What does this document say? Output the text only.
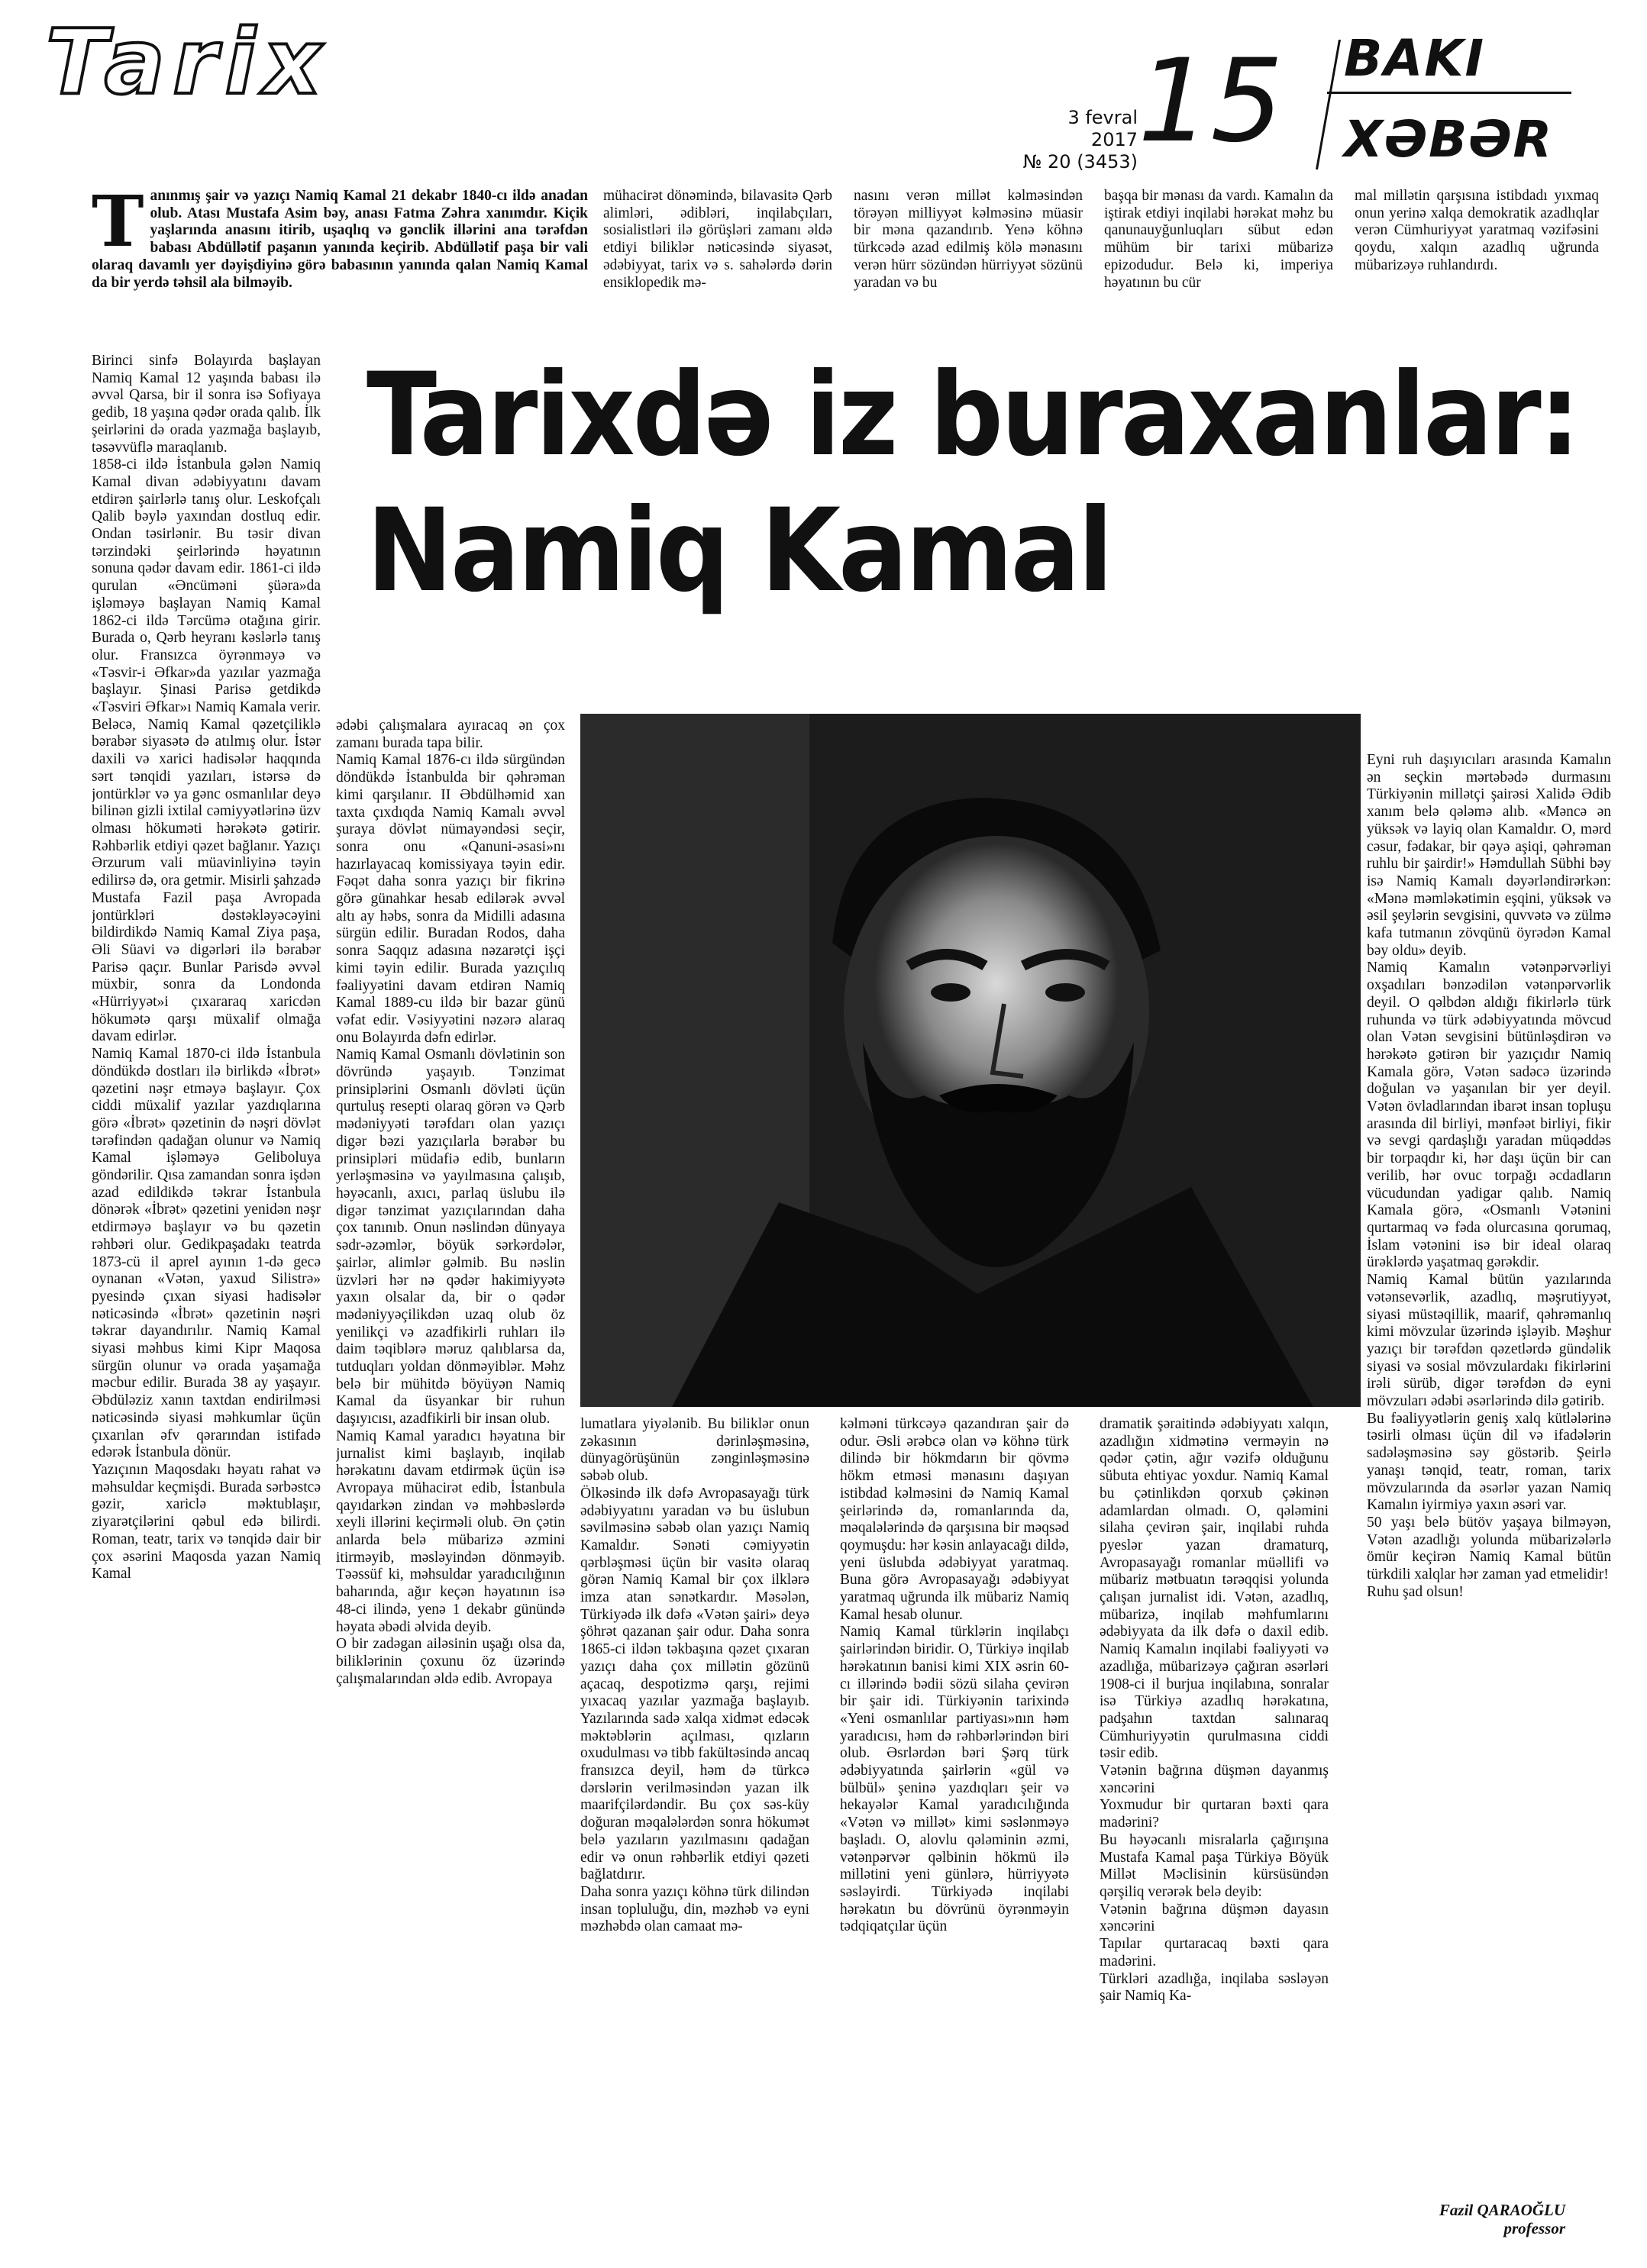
Tarix
3 fevral 2017
№ 20 (3453) 15 BAKI
XƏBƏR
Tanınmış şair və yazıçı Namiq Kamal 21 dekabr 1840-cı ildə anadan olub. Atası Mustafa Asim bəy, anası Fatma Zəhra xanımdır. Kiçik yaşlarında anasını itirib, uşaqlıq və gənclik illərini ana tərəfdən babası Abdüllətif paşanın yanında keçirib. Abdüllətif paşa bir vali olaraq davamlı yer dəyişdiyinə görə babasının yanında qalan Namiq Kamal da bir yerdə təhsil ala bilməyib.
mühacirət dönəmində, bilavasitə Qərb alimləri, ədibləri, inqilabçıları, sosialistləri ilə görüşləri zamanı əldə etdiyi biliklər nəticəsində siyasət, ədəbiyyat, tarix və s. sahələrdə dərin ensiklopedik mə-
nasını verən millət kəlməsindən törəyən milliyyət kəlməsinə müasir bir məna qazandırıb. Yenə köhnə türkcədə azad edilmiş kölə mənasını verən hürr sözündən hürriyyət sözünü yaradan və bu
başqa bir mənası da vardı. Kamalın da iştirak etdiyi inqilabi hərəkat məhz bu qanunauyğunluqları sübut edən mühüm bir tarixi mübarizə epizodudur. Belə ki, imperiya həyatının bu cür
mal millətin qarşısına istibdadı yıxmaq onun yerinə xalqa demokratik azadlıqlar verən Cümhuriyyət yaratmaq vəzifəsini qoydu, xalqın azadlıq uğrunda mübarizəyə ruhlandırdı.
Tarixdə iz buraxanlar:
Namiq Kamal
Birinci sinfə Bolayırda başlayan Namiq Kamal 12 yaşında babası ilə əvvəl Qarsa, bir il sonra isə Sofiyaya gedib, 18 yaşına qədər orada qalıb. İlk şeirlərini də orada yazmağa başlayıb, təsəvvüflə maraqlanıb.
1858-ci ildə İstanbula gələn Namiq Kamal divan ədəbiyyatını davam etdirən şairlərlə tanış olur. Leskofçalı Qalib bəylə yaxından dostluq edir. Ondan təsirlənir. Bu təsir divan tərzindəki şeirlərində həyatının sonuna qədər davam edir. 1861-ci ildə qurulan «Əncüməni şüəra»da işləməyə başlayan Namiq Kamal 1862-ci ildə Tərcümə otağına girir. Burada o, Qərb heyranı kəslərlə tanış olur. Fransızca öyrənməyə və «Təsvir-i Əfkar»da yazılar yazmağa başlayır. Şinasi Parisə getdikdə «Təsviri Əfkar»ı Namiq Kamala verir. Beləcə, Namiq Kamal qəzetçiliklə bərabər siyasətə də atılmış olur. İstər daxili və xarici hadisələr haqqında sərt tənqidi yazıları, istərsə də jontürklər və ya gənc osmanlılar deyə bilinən gizli ixtilal cəmiyyətlərinə üzv olması hökuməti hərəkətə gətirir. Rəhbərlik etdiyi qəzet bağlanır. Yazıçı Ərzurum vali müavinliyinə təyin edilirsə də, ora getmir. Misirli şahzadə Mustafa Fazil paşa Avropada jontürkləri dəstəkləyəcəyini bildirdikdə Namiq Kamal Ziya paşa, Əli Süavi və digərləri ilə bərabər Parisə qaçır. Bunlar Parisdə əvvəl müxbir, sonra da Londonda «Hürriyyət»i çıxararaq xaricdən hökumətə qarşı müxalif olmağa davam edirlər.
Namiq Kamal 1870-ci ildə İstanbula döndükdə dostları ilə birlikdə «İbrət» qəzetini nəşr etməyə başlayır. Çox ciddi müxalif yazılar yazdıqlarına görə «İbrət» qəzetinin də nəşri dövlət tərəfindən qadağan olunur və Namiq Kamal işləməyə Geliboluya göndərilir. Qısa zamandan sonra işdən azad edildikdə təkrar İstanbula dönərək «İbrət» qəzetini yenidən nəşr etdirməyə başlayır və bu qəzetin rəhbəri olur. Gedikpaşadakı teatrda 1873-cü il aprel ayının 1-də gecə oynanan «Vətən, yaxud Silistrə» pyesində çıxan siyasi hadisələr nəticəsində «İbrət» qəzetinin nəşri təkrar dayandırılır. Namiq Kamal siyasi məhbus kimi Kipr Maqosa sürgün olunur və orada yaşamağa məcbur edilir. Burada 38 ay yaşayır. Əbdüləziz xanın taxtdan endirilməsi nəticəsində siyasi məhkumlar üçün çıxarılan əfv qərarından istifadə edərək İstanbula dönür.
Yazıçının Maqosdakı həyatı rahat və məhsuldar keçmişdi. Burada sərbəstcə gəzir, xariclə məktublaşır, ziyarətçilərini qəbul edə bilirdi. Roman, teatr, tarix və tənqidə dair bir çox əsərini Maqosda yazan Namiq Kamal
ədəbi çalışmalara ayıracaq ən çox zamanı burada tapa bilir.
Namiq Kamal 1876-cı ildə sürgündən döndükdə İstanbulda bir qəhrəman kimi qarşılanır. II Əbdülhəmid xan taxta çıxdıqda Namiq Kamalı əvvəl şuraya dövlət nümayəndəsi seçir, sonra onu «Qanuni-əsasi»nı hazırlayacaq komissiyaya təyin edir. Fəqət daha sonra yazıçı bir fikrinə görə günahkar hesab edilərək əvvəl altı ay həbs, sonra da Midilli adasına sürgün edilir. Buradan Rodos, daha sonra Saqqız adasına nəzarətçi işçi kimi təyin edilir. Burada yazıçılıq fəaliyyətini davam etdirən Namiq Kamal 1889-cu ildə bir bazar günü vəfat edir. Vəsiyyətini nəzərə alaraq onu Bolayırda dəfn edirlər.
Namiq Kamal Osmanlı dövlətinin son dövründə yaşayıb. Tənzimat prinsiplərini Osmanlı dövləti üçün qurtuluş resepti olaraq görən və Qərb mədəniyyəti tərəfdarı olan yazıçı digər bəzi yazıçılarla bərabər bu prinsipləri müdafiə edib, bunların yerləşməsinə və yayılmasına çalışıb, həyəcanlı, axıcı, parlaq üslubu ilə digər tənzimat yazıçılarından daha çox tanınıb. Onun nəslindən dünyaya sədr-əzəmlər, böyük sərkərdələr, şairlər, alimlər gəlmib. Bu nəslin üzvləri hər nə qədər hakimiyyətə yaxın olsalar da, bir o qədər mədəniyyəçilikdən uzaq olub öz yenilikçi və azadfikirli ruhları ilə daim təqiblərə məruz qalıblarsa da, tutduqları yoldan dönməyiblər. Məhz belə bir mühitdə böyüyən Namiq Kamal da üsyankar bir ruhun daşıyıcısı, azadfikirli bir insan olub.
Namiq Kamal yaradıcı həyatına bir jurnalist kimi başlayıb, inqilab hərəkatını davam etdirmək üçün isə Avropaya mühacirət edib, İstanbula qayıdarkən zindan və məhbəslərdə xeyli illərini keçirməli olub. Ən çətin anlarda belə mübarizə əzmini itirməyib, məsləyindən dönməyib. Təəssüf ki, məhsuldar yaradıcılığının baharında, ağır keçən həyatının isə 48-ci ilində, yenə 1 dekabr günündə həyata əbədi əlvida deyib.
O bir zadəgan ailəsinin uşağı olsa da, biliklərinin çoxunu öz üzərində çalışmalarından əldə edib. Avropaya
lumatlara yiyələnib. Bu biliklər onun zəkasının dərinləşməsinə, dünyagörüşünün zənginləşməsinə səbəb olub.
Ölkəsində ilk dəfə Avropasayağı türk ədəbiyyatını yaradan və bu üslubun səvilməsinə səbəb olan yazıçı Namiq Kamaldır. Sənəti cəmiyyətin qərbləşməsi üçün bir vasitə olaraq görən Namiq Kamal bir çox ilklərə imza atan sənətkardır. Məsələn, Türkiyədə ilk dəfə «Vətən şairi» deyə şöhrət qazanan şair odur. Daha sonra 1865-ci ildən təkbaşına qəzet çıxaran yazıçı daha çox millətin gözünü açacaq, despotizmə qarşı, rejimi yıxacaq yazılar yazmağa başlayıb. Yazılarında sadə xalqa xidmət edəcək məktəblərin açılması, qızların oxudulması və tibb fakültəsində ancaq fransızca deyil, həm də türkcə dərslərin verilməsindən yazan ilk maarifçilərdəndir. Bu çox səs-küy doğuran məqalələrdən sonra hökumət belə yazıların yazılmasını qadağan edir və onun rəhbərlik etdiyi qəzeti bağlatdırır.
Daha sonra yazıçı köhnə türk dilindən insan topluluğu, din, məzhəb və eyni məzhəbdə olan camaat mə-
kəlməni türkcəyə qazandıran şair də odur. Əsli ərəbcə olan və köhnə türk dilində bir hökmdarın bir qövmə hökm etməsi mənasını daşıyan istibdad kəlməsini də Namiq Kamal şeirlərində də, romanlarında da, məqalələrində də qarşısına bir məqsəd qoymuşdu: hər kəsin anlayacağı dildə, yeni üslubda ədəbiyyat yaratmaq. Buna görə Avropasayağı ədəbiyyat yaratmaq uğrunda ilk mübariz Namiq Kamal hesab olunur.
Namiq Kamal türklərin inqilabçı şairlərindən biridir. O, Türkiyə inqilab hərəkatının banisi kimi XIX əsrin 60-cı illərində bədii sözü silaha çevirən bir şair idi. Türkiyənin tarixində «Yeni osmanlılar partiyası»nın həm yaradıcısı, həm də rəhbərlərindən biri olub. Əsrlərdən bəri Şərq türk ədəbiyyatında şairlərin «gül və bülbül» şeninə yazdıqları şeir və hekayələr Kamal yaradıcılığında «Vətən və millət» kimi səslənməyə başladı. O, alovlu qələminin əzmi, vətənpərvər qəlbinin hökmü ilə millətini yeni günlərə, hürriyyətə səsləyirdi. Türkiyədə inqilabi hərəkatın bu dövrünü öyrənməyin tədqiqatçılar üçün
dramatik şəraitində ədəbiyyatı xalqın, azadlığın xidmətinə verməyin nə qədər çətin, ağır vəzifə olduğunu sübuta ehtiyac yoxdur. Namiq Kamal bu çətinlikdən qorxub çəkinən adamlardan olmadı. O, qələmini silaha çevirən şair, inqilabi ruhda pyeslər yazan dramaturq, Avropasayağı romanlar müəllifi və mübariz mətbuatın tərəqqisi yolunda çalışan jurnalist idi. Vətən, azadlıq, mübarizə, inqilab məhfumlarını ədəbiyyata da ilk dəfə o daxil edib. Namiq Kamalın inqilabi fəaliyyəti və azadlığa, mübarizəyə çağıran əsərləri 1908-ci il burjua inqilabına, sonralar isə Türkiyə azadlıq hərəkatına, padşahın taxtdan salınaraq Cümhuriyyətin qurulmasına ciddi təsir edib.
Vətənin bağrına düşmən dayanmış xəncərini
Yoxmudur bir qurtaran bəxti qara madərini?
Bu həyəcanlı misralarla çağırışına Mustafa Kamal paşa Türkiyə Böyük Millət Məclisinin kürsüsündən qərşiliq verərək belə deyib:
Vətənin bağrına düşmən dayasın xəncərini
Tapılar qurtaracaq bəxti qara madərini.
Türkləri azadlığa, inqilaba səsləyən şair Namiq Ka-
Eyni ruh daşıyıcıları arasında Kamalın ən seçkin mərtəbədə durmasını Türkiyənin millətçi şairəsi Xalidə Ədib xanım belə qələmə alıb. «Məncə ən yüksək və layiq olan Kamaldır. O, mərd cəsur, fədakar, bir qəyə aşiqi, qəhrəman ruhlu bir şairdir!» Həmdullah Sübhi bəy isə Namiq Kamalı dəyərləndirərkən: «Mənə məmləkətimin eşqini, yüksək və əsil şeylərin sevgisini, quvvətə və zülmə kafa tutmanın zövqünü öyrədən Kamal bəy oldu» deyib.
Namiq Kamalın vətənpərvərliyi oxşadıları bənzədilən vətənpərvərlik deyil. O qəlbdən aldığı fikirlərlə türk ruhunda və türk ədəbiyyatında mövcud olan Vətən sevgisini bütünləşdirən və hərəkətə gətirən bir yazıçıdır Namiq Kamala görə, Vətən sadəcə üzərində doğulan və yaşanılan bir yer deyil. Vətən övladlarından ibarət insan topluşu arasında dil birliyi, mənfəət birliyi, fikir və sevgi qardaşlığı yaradan müqəddəs bir torpaqdır ki, hər daşı üçün bir can verilib, hər ovuc torpağı əcdadların vücudundan yadigar qalıb. Namiq Kamala görə, «Osmanlı Vətənini qurtarmaq və fəda olurcasına qorumaq, İslam vətənini isə bir ideal olaraq ürəklərdə yaşatmaq gərəkdir.
Namiq Kamal bütün yazılarında vətənsevərlik, azadlıq, məşrutiyyət, siyasi müstəqillik, maarif, qəhrəmanlıq kimi mövzular üzərində işləyib. Məşhur yazıçı bir tərəfdən qəzetlərdə gündəlik siyasi və sosial mövzulardakı fikirlərini irəli sürüb, digər tərəfdən də eyni mövzuları ədəbi əsərlərində dilə gətirib.
Bu fəaliyyətlərin geniş xalq kütlələrinə təsirli olması üçün dil və ifadələrin sadələşməsinə səy göstərib. Şeirlə yanaşı tənqid, teatr, roman, tarix mövzularında da əsərlər yazan Namiq Kamalın iyirmiyə yaxın əsəri var.
50 yaşı belə bütöv yaşaya bilməyən, Vətən azadlığı yolunda mübarizələrlə ömür keçirən Namiq Kamal bütün türkdili xalqlar hər zaman yad etmelidir!
Ruhu şad olsun!
Fazil QARAOĞLU
professor
